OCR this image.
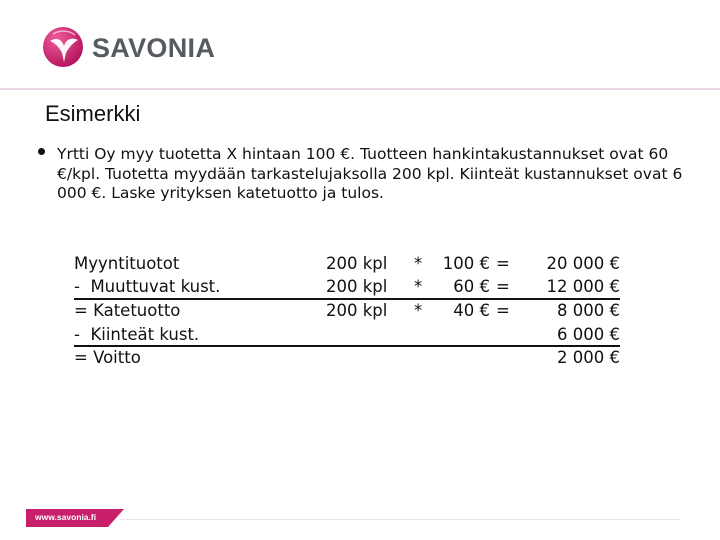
SAVONIA
Esimerkki
Yrtti Oy myy tuotetta X hintaan 100 €. Tuotteen hankintakustannukset ovat 60 €/kpl. Tuotetta myydään tarkastelujaksolla 200 kpl. Kiinteät kustannukset ovat 6 000 €. Laske yrityksen katetuotto ja tulos.
Myyntituotot	200 kpl *	100 € =	20 000 €
-  Muuttuvat kust.	200 kpl *	60 € =	12 000 €
= Katetuotto	200 kpl *	40 € =	8 000 €
-  Kiinteät kust.	6 000 €
= Voitto	2 000 €
www.savonia.fi
